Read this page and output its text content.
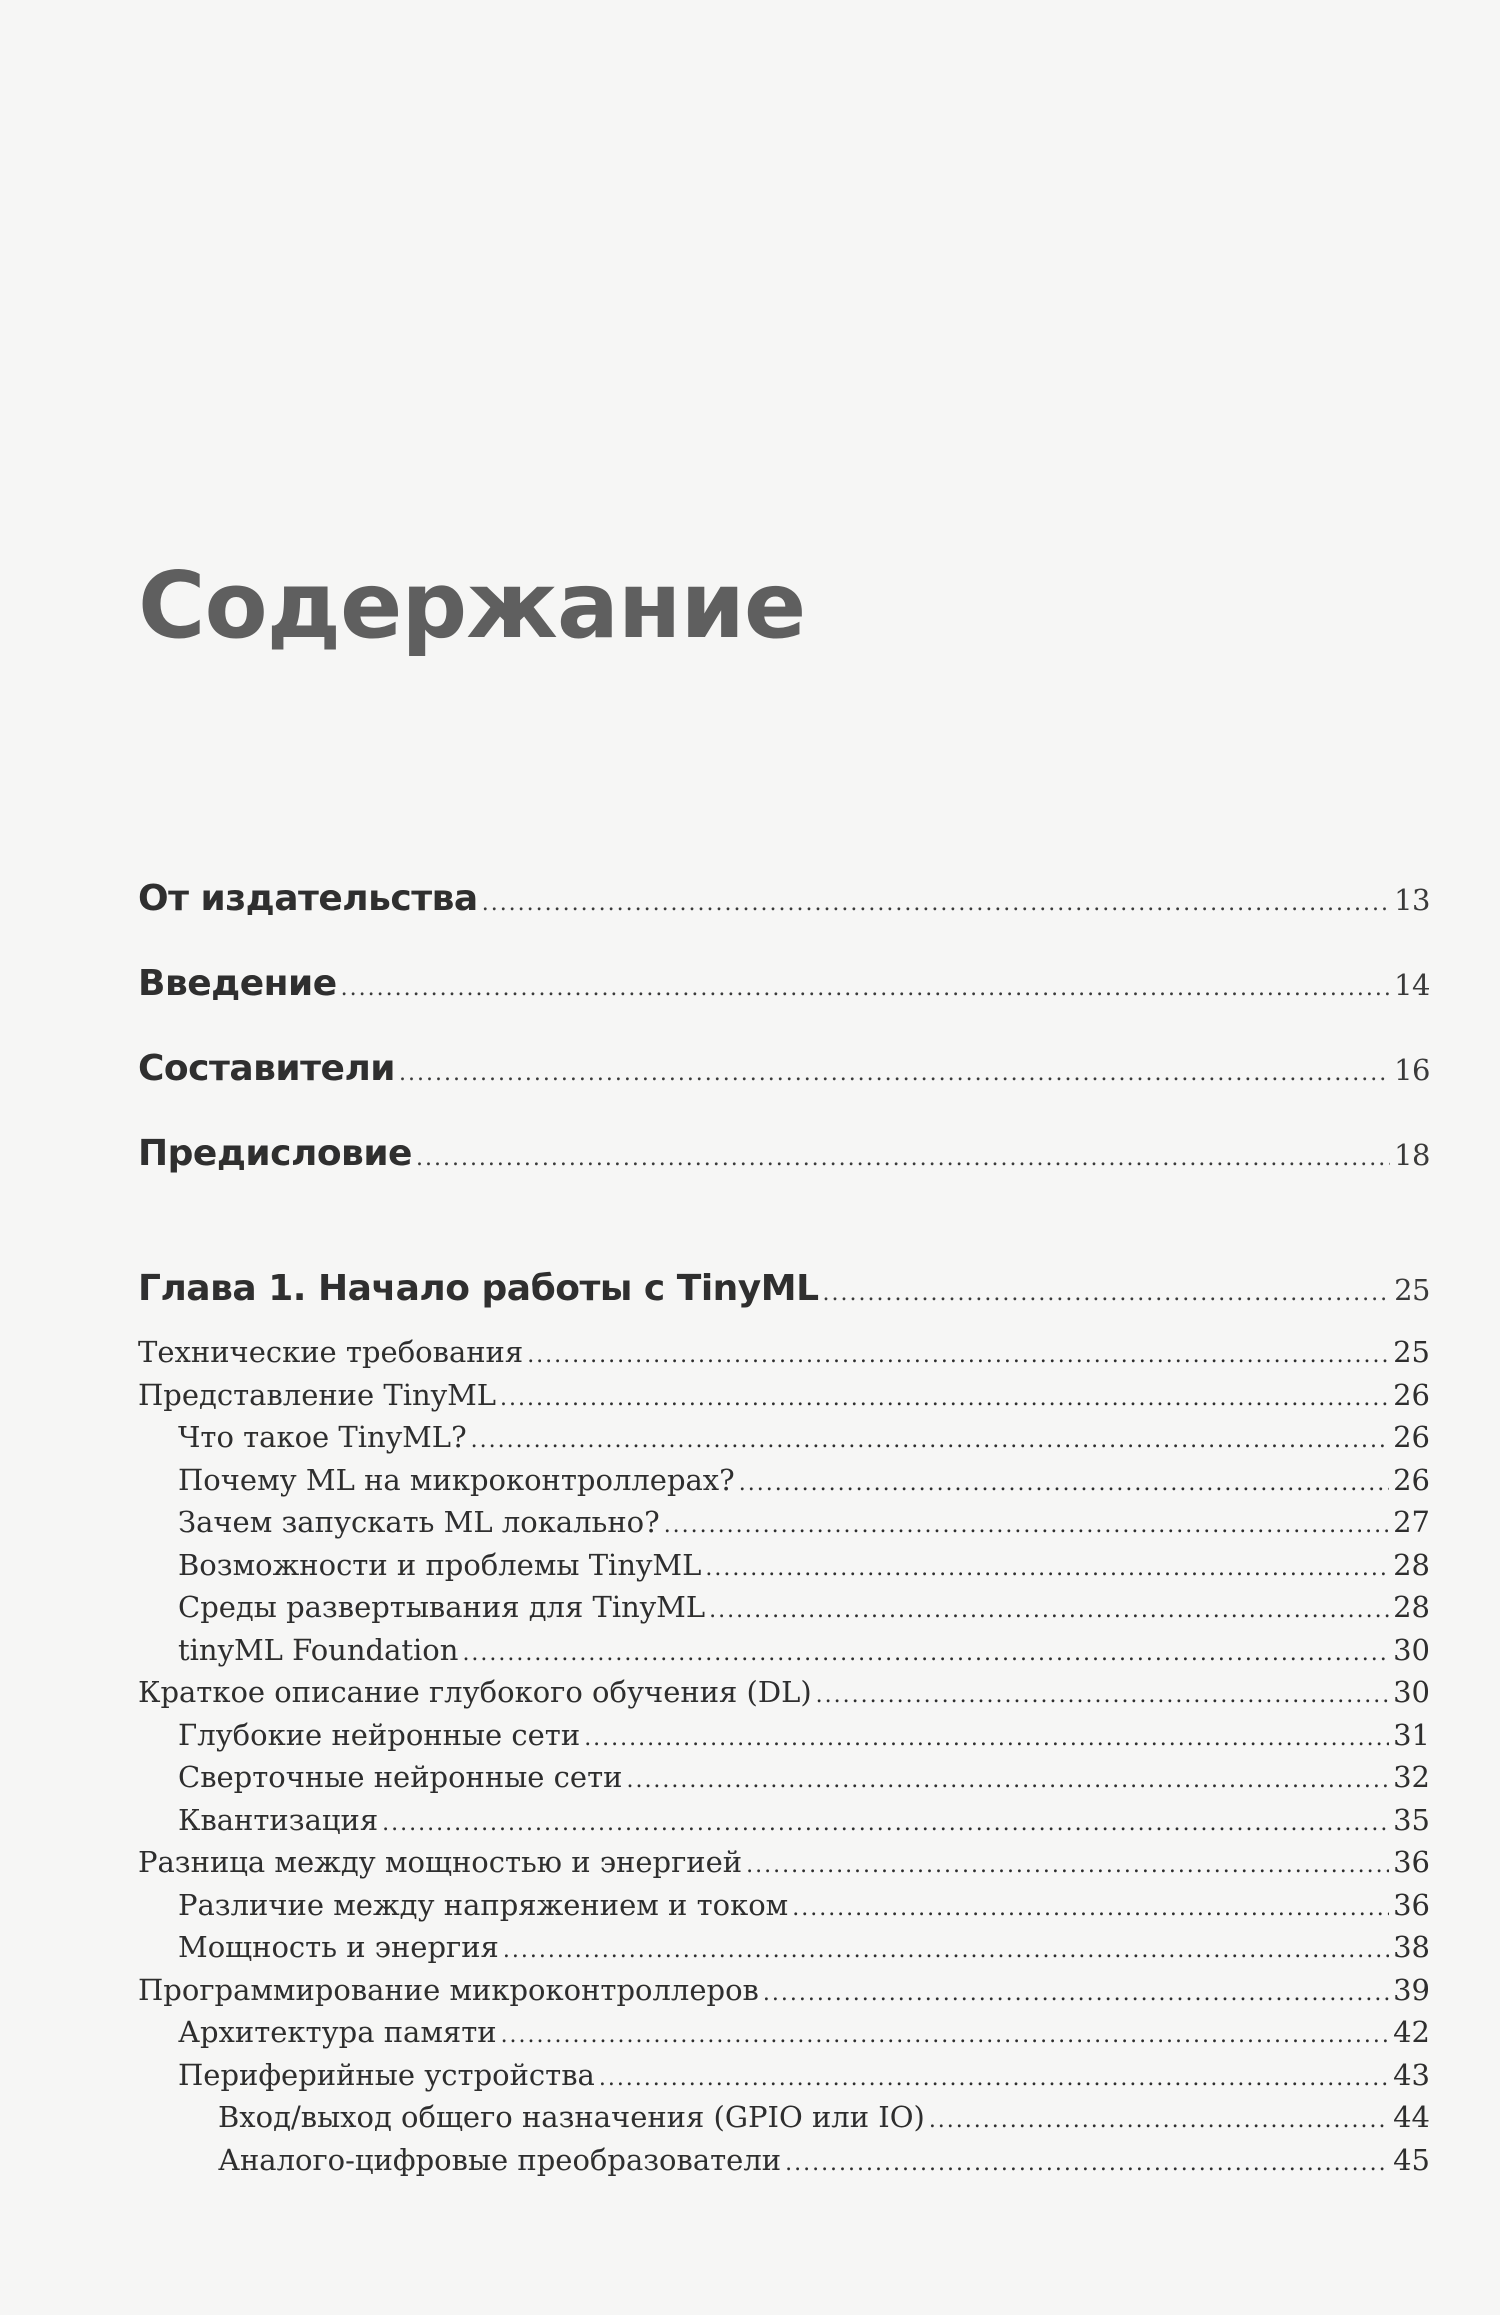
Содержание
От издательства .....	13
Введение .....	14
Составители .....	16
Предисловие .....	18
Глава 1. Начало работы с TinyML .....	25
Технические требования .....	25
Представление TinyML .....	26
Что такое TinyML? .....	26
Почему ML на микроконтроллерах? .....	26
Зачем запускать ML локально? .....	27
Возможности и проблемы TinyML .....	28
Среды развертывания для TinyML .....	28
tinyML Foundation .....	30
Краткое описание глубокого обучения (DL) .....	30
Глубокие нейронные сети .....	31
Сверточные нейронные сети .....	32
Квантизация .....	35
Разница между мощностью и энергией .....	36
Различие между напряжением и током .....	36
Мощность и энергия .....	38
Программирование микроконтроллеров .....	39
Архитектура памяти .....	42
Периферийные устройства .....	43
Вход/выход общего назначения (GPIO или IO) .....	44
Аналого-цифровые преобразователи .....	45
